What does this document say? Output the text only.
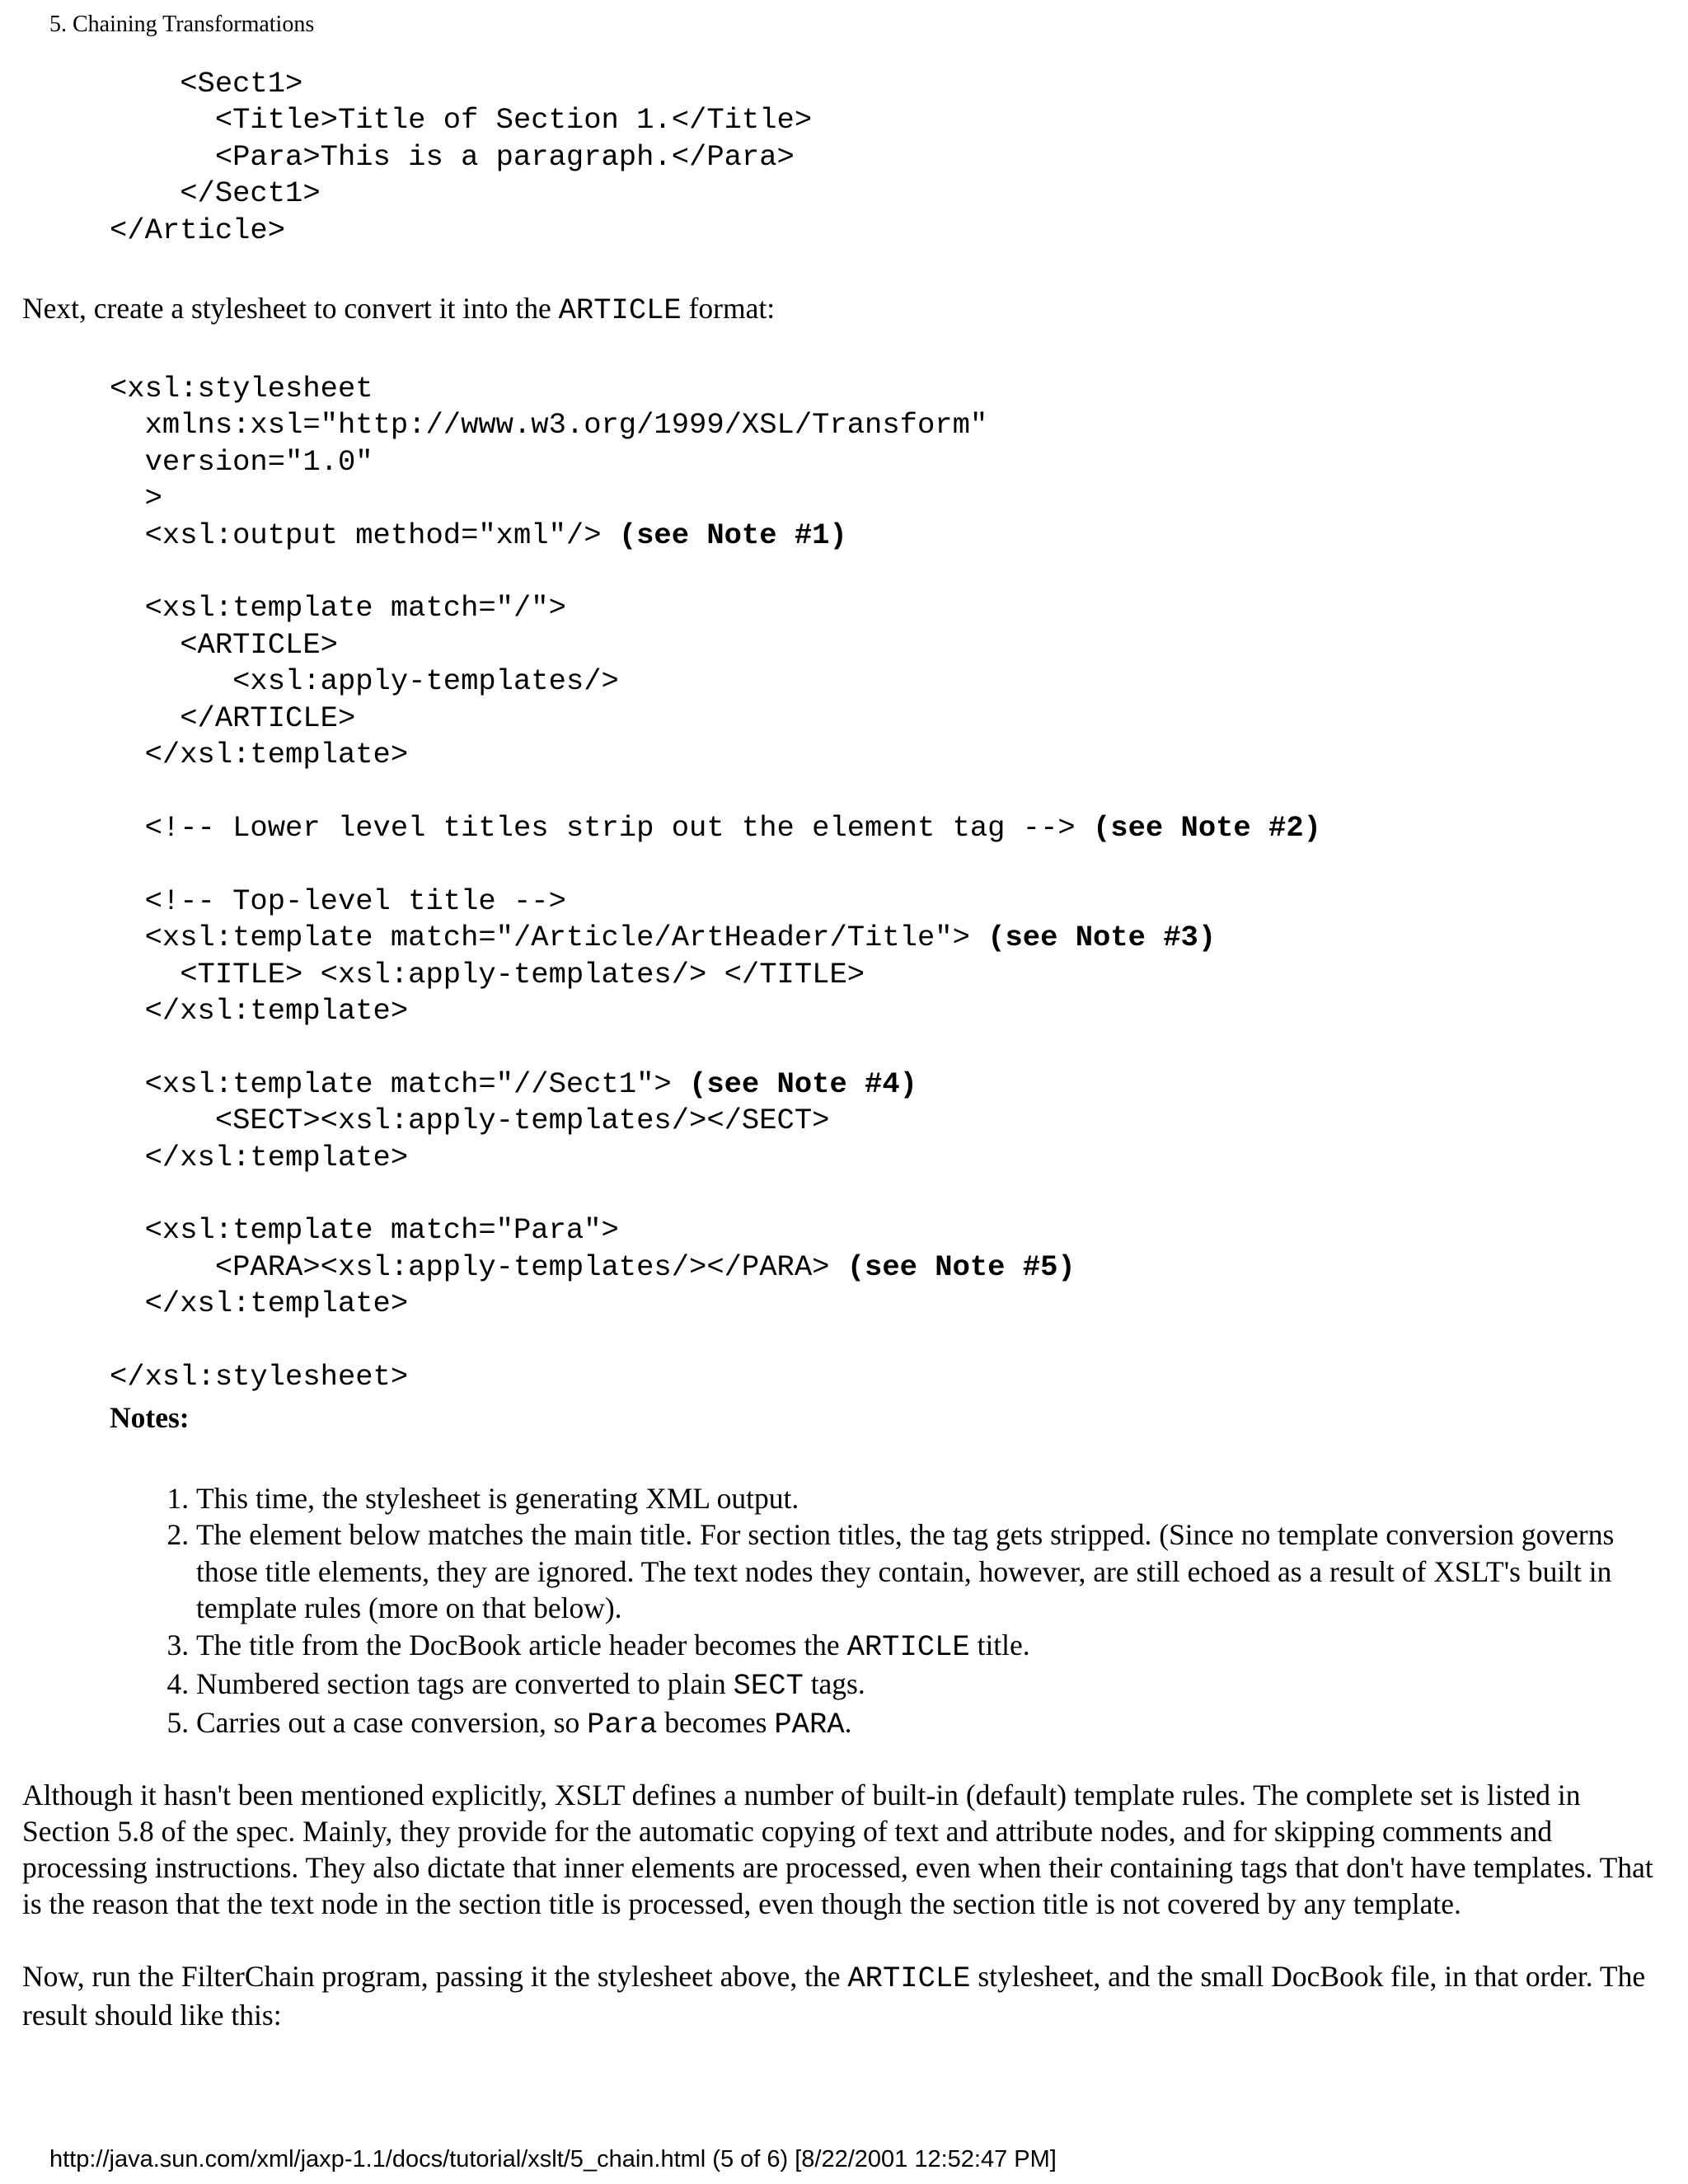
5. Chaining Transformations
<Sect1>
<Title>Title of Section 1.</Title>
<Para>This is a paragraph.</Para>
</Sect1>
</Article>
Next, create a stylesheet to convert it into the ARTICLE format:
<xsl:stylesheet
xmlns:xsl="http://www.w3.org/1999/XSL/Transform"
version="1.0"
>
<xsl:output method="xml"/> (see Note #1)

<xsl:template match="/">
<ARTICLE>
<xsl:apply-templates/>
</ARTICLE>
</xsl:template>

<!-- Lower level titles strip out the element tag --> (see Note #2)

<!-- Top-level title -->
<xsl:template match="/Article/ArtHeader/Title"> (see Note #3)
<TITLE> <xsl:apply-templates/> </TITLE>
</xsl:template>

<xsl:template match="//Sect1"> (see Note #4)
<SECT><xsl:apply-templates/></SECT>
</xsl:template>

<xsl:template match="Para">
<PARA><xsl:apply-templates/></PARA> (see Note #5)
</xsl:template>

</xsl:stylesheet>
Notes:
1. This time, the stylesheet is generating XML output.
2. The element below matches the main title. For section titles, the tag gets stripped. (Since no template conversion governs those title elements, they are ignored. The text nodes they contain, however, are still echoed as a result of XSLT's built in template rules (more on that below).
3. The title from the DocBook article header becomes the ARTICLE title.
4. Numbered section tags are converted to plain SECT tags.
5. Carries out a case conversion, so Para becomes PARA.
Although it hasn't been mentioned explicitly, XSLT defines a number of built-in (default) template rules. The complete set is listed in Section 5.8 of the spec. Mainly, they provide for the automatic copying of text and attribute nodes, and for skipping comments and processing instructions. They also dictate that inner elements are processed, even when their containing tags that don't have templates. That is the reason that the text node in the section title is processed, even though the section title is not covered by any template.
Now, run the FilterChain program, passing it the stylesheet above, the ARTICLE stylesheet, and the small DocBook file, in that order. The result should like this:
http://java.sun.com/xml/jaxp-1.1/docs/tutorial/xslt/5_chain.html (5 of 6) [8/22/2001 12:52:47 PM]
